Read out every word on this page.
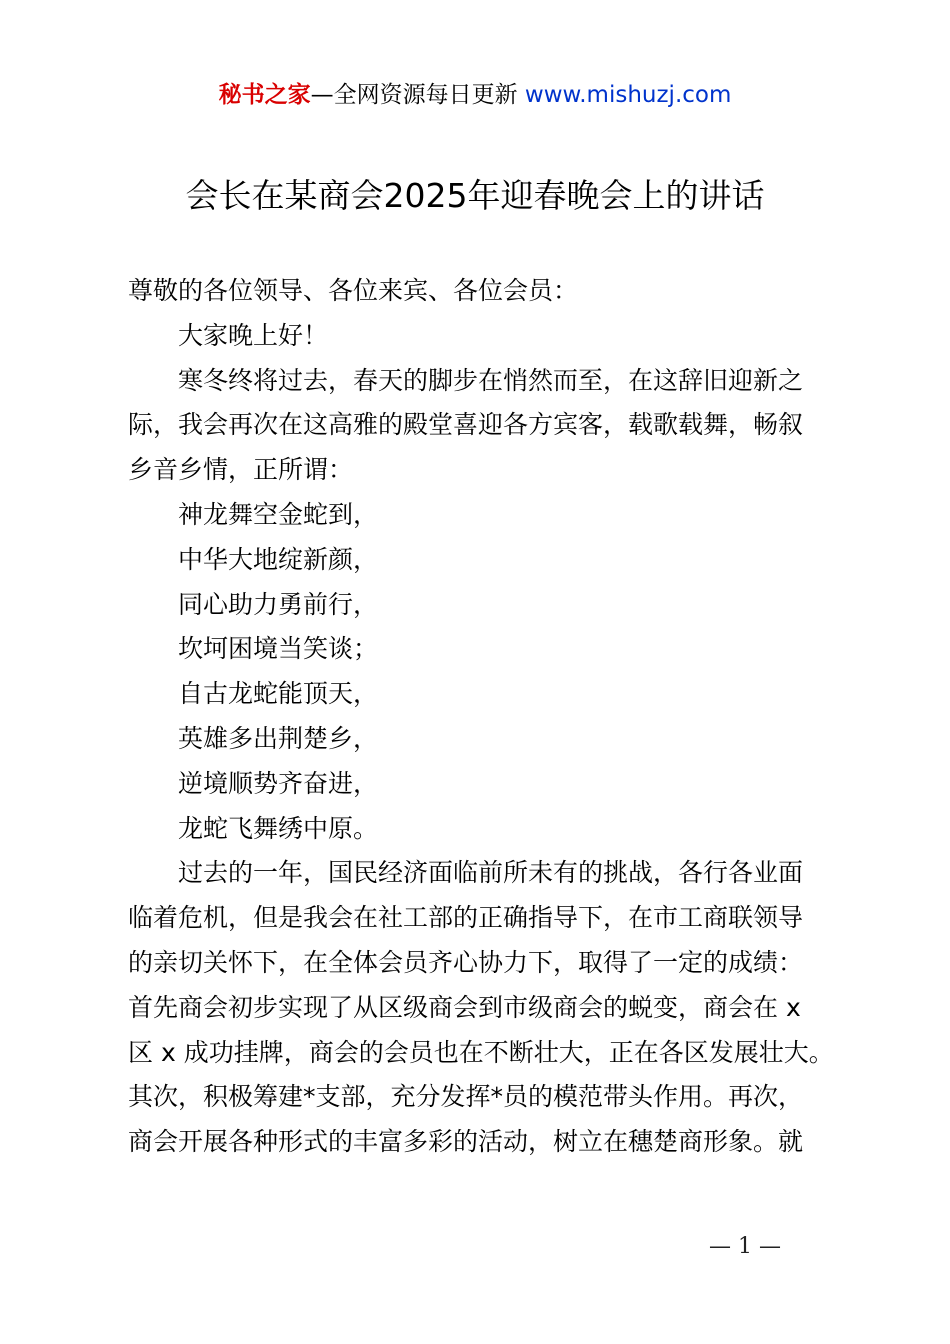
秘书之家—全网资源每日更新 www.mishuzj.com
会长在某商会2025年迎春晚会上的讲话

尊敬的各位领导、各位来宾、各位会员：

大家晚上好！

寒冬终将过去，春天的脚步在悄然而至，在这辞旧迎新之

际，我会再次在这高雅的殿堂喜迎各方宾客，载歌载舞，畅叙

乡音乡情，正所谓：

神龙舞空金蛇到，

中华大地绽新颜，

同心助力勇前行，

坎坷困境当笑谈；

自古龙蛇能顶天，

英雄多出荆楚乡，

逆境顺势齐奋进，

龙蛇飞舞绣中原。

过去的一年，国民经济面临前所未有的挑战，各行各业面

临着危机，但是我会在社工部的正确指导下，在市工商联领导

的亲切关怀下，在全体会员齐心协力下，取得了一定的成绩：

首先商会初步实现了从区级商会到市级商会的蜕变，商会在 x

区 x 成功挂牌，商会的会员也在不断壮大，正在各区发展壮大。

其次，积极筹建*支部，充分发挥*员的模范带头作用。再次，

商会开展各种形式的丰富多彩的活动，树立在穗楚商形象。就

— 1 —
